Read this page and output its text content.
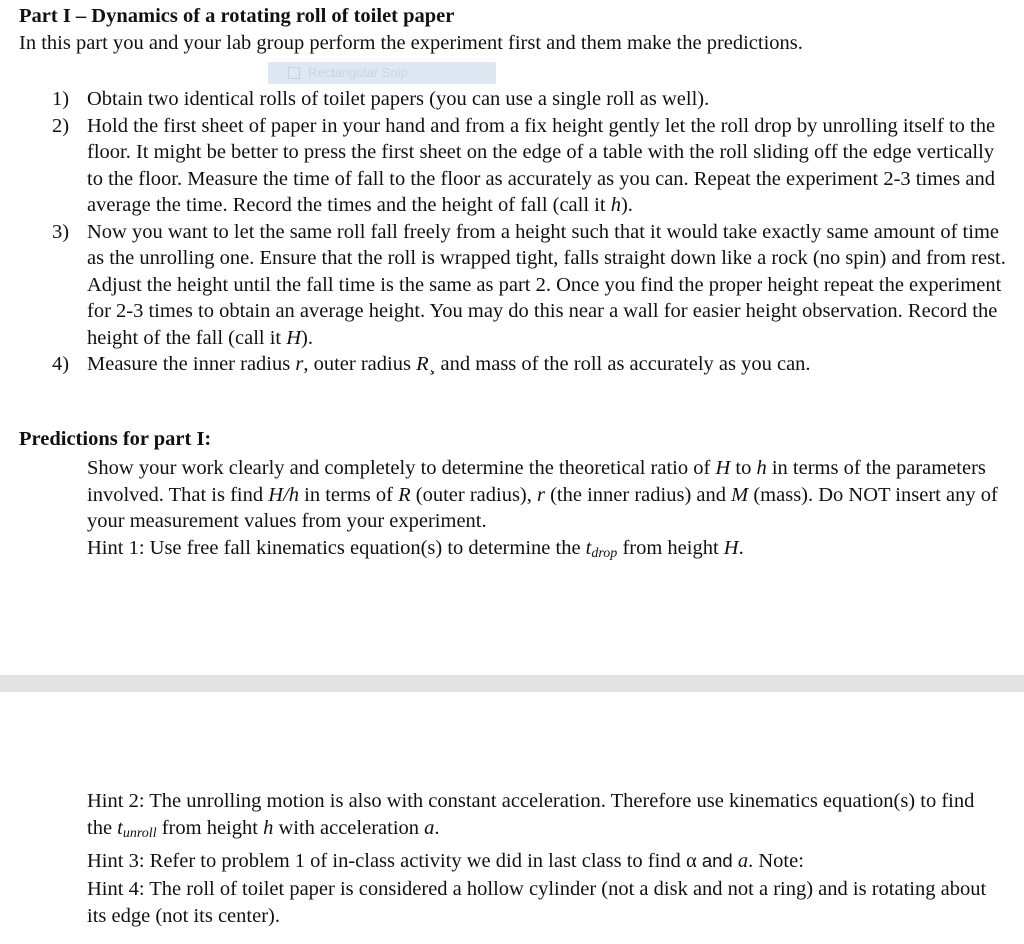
Part I – Dynamics of a rotating roll of toilet paper
In this part you and your lab group perform the experiment first and them make the predictions.
Rectangular Snip
1) Obtain two identical rolls of toilet papers (you can use a single roll as well).
2) Hold the first sheet of paper in your hand and from a fix height gently let the roll drop by unrolling itself to the floor. It might be better to press the first sheet on the edge of a table with the roll sliding off the edge vertically to the floor. Measure the time of fall to the floor as accurately as you can. Repeat the experiment 2-3 times and average the time. Record the times and the height of fall (call it h).
3) Now you want to let the same roll fall freely from a height such that it would take exactly same amount of time as the unrolling one. Ensure that the roll is wrapped tight, falls straight down like a rock (no spin) and from rest. Adjust the height until the fall time is the same as part 2. Once you find the proper height repeat the experiment for 2-3 times to obtain an average height. You may do this near a wall for easier height observation. Record the height of the fall (call it H).
4) Measure the inner radius r, outer radius R¸ and mass of the roll as accurately as you can.
Predictions for part I:
Show your work clearly and completely to determine the theoretical ratio of H to h in terms of the parameters involved. That is find H/h in terms of R (outer radius), r (the inner radius) and M (mass). Do NOT insert any of your measurement values from your experiment.
Hint 1: Use free fall kinematics equation(s) to determine the $t_{drop}$ from height H.

Hint 2: The unrolling motion is also with constant acceleration. Therefore use kinematics equation(s) to find the $t_{unroll}$ from height h with acceleration a.

Hint 3: Refer to problem 1 of in-class activity we did in last class to find α and a. Note:

Hint 4: The roll of toilet paper is considered a hollow cylinder (not a disk and not a ring) and is rotating about its edge (not its center).
